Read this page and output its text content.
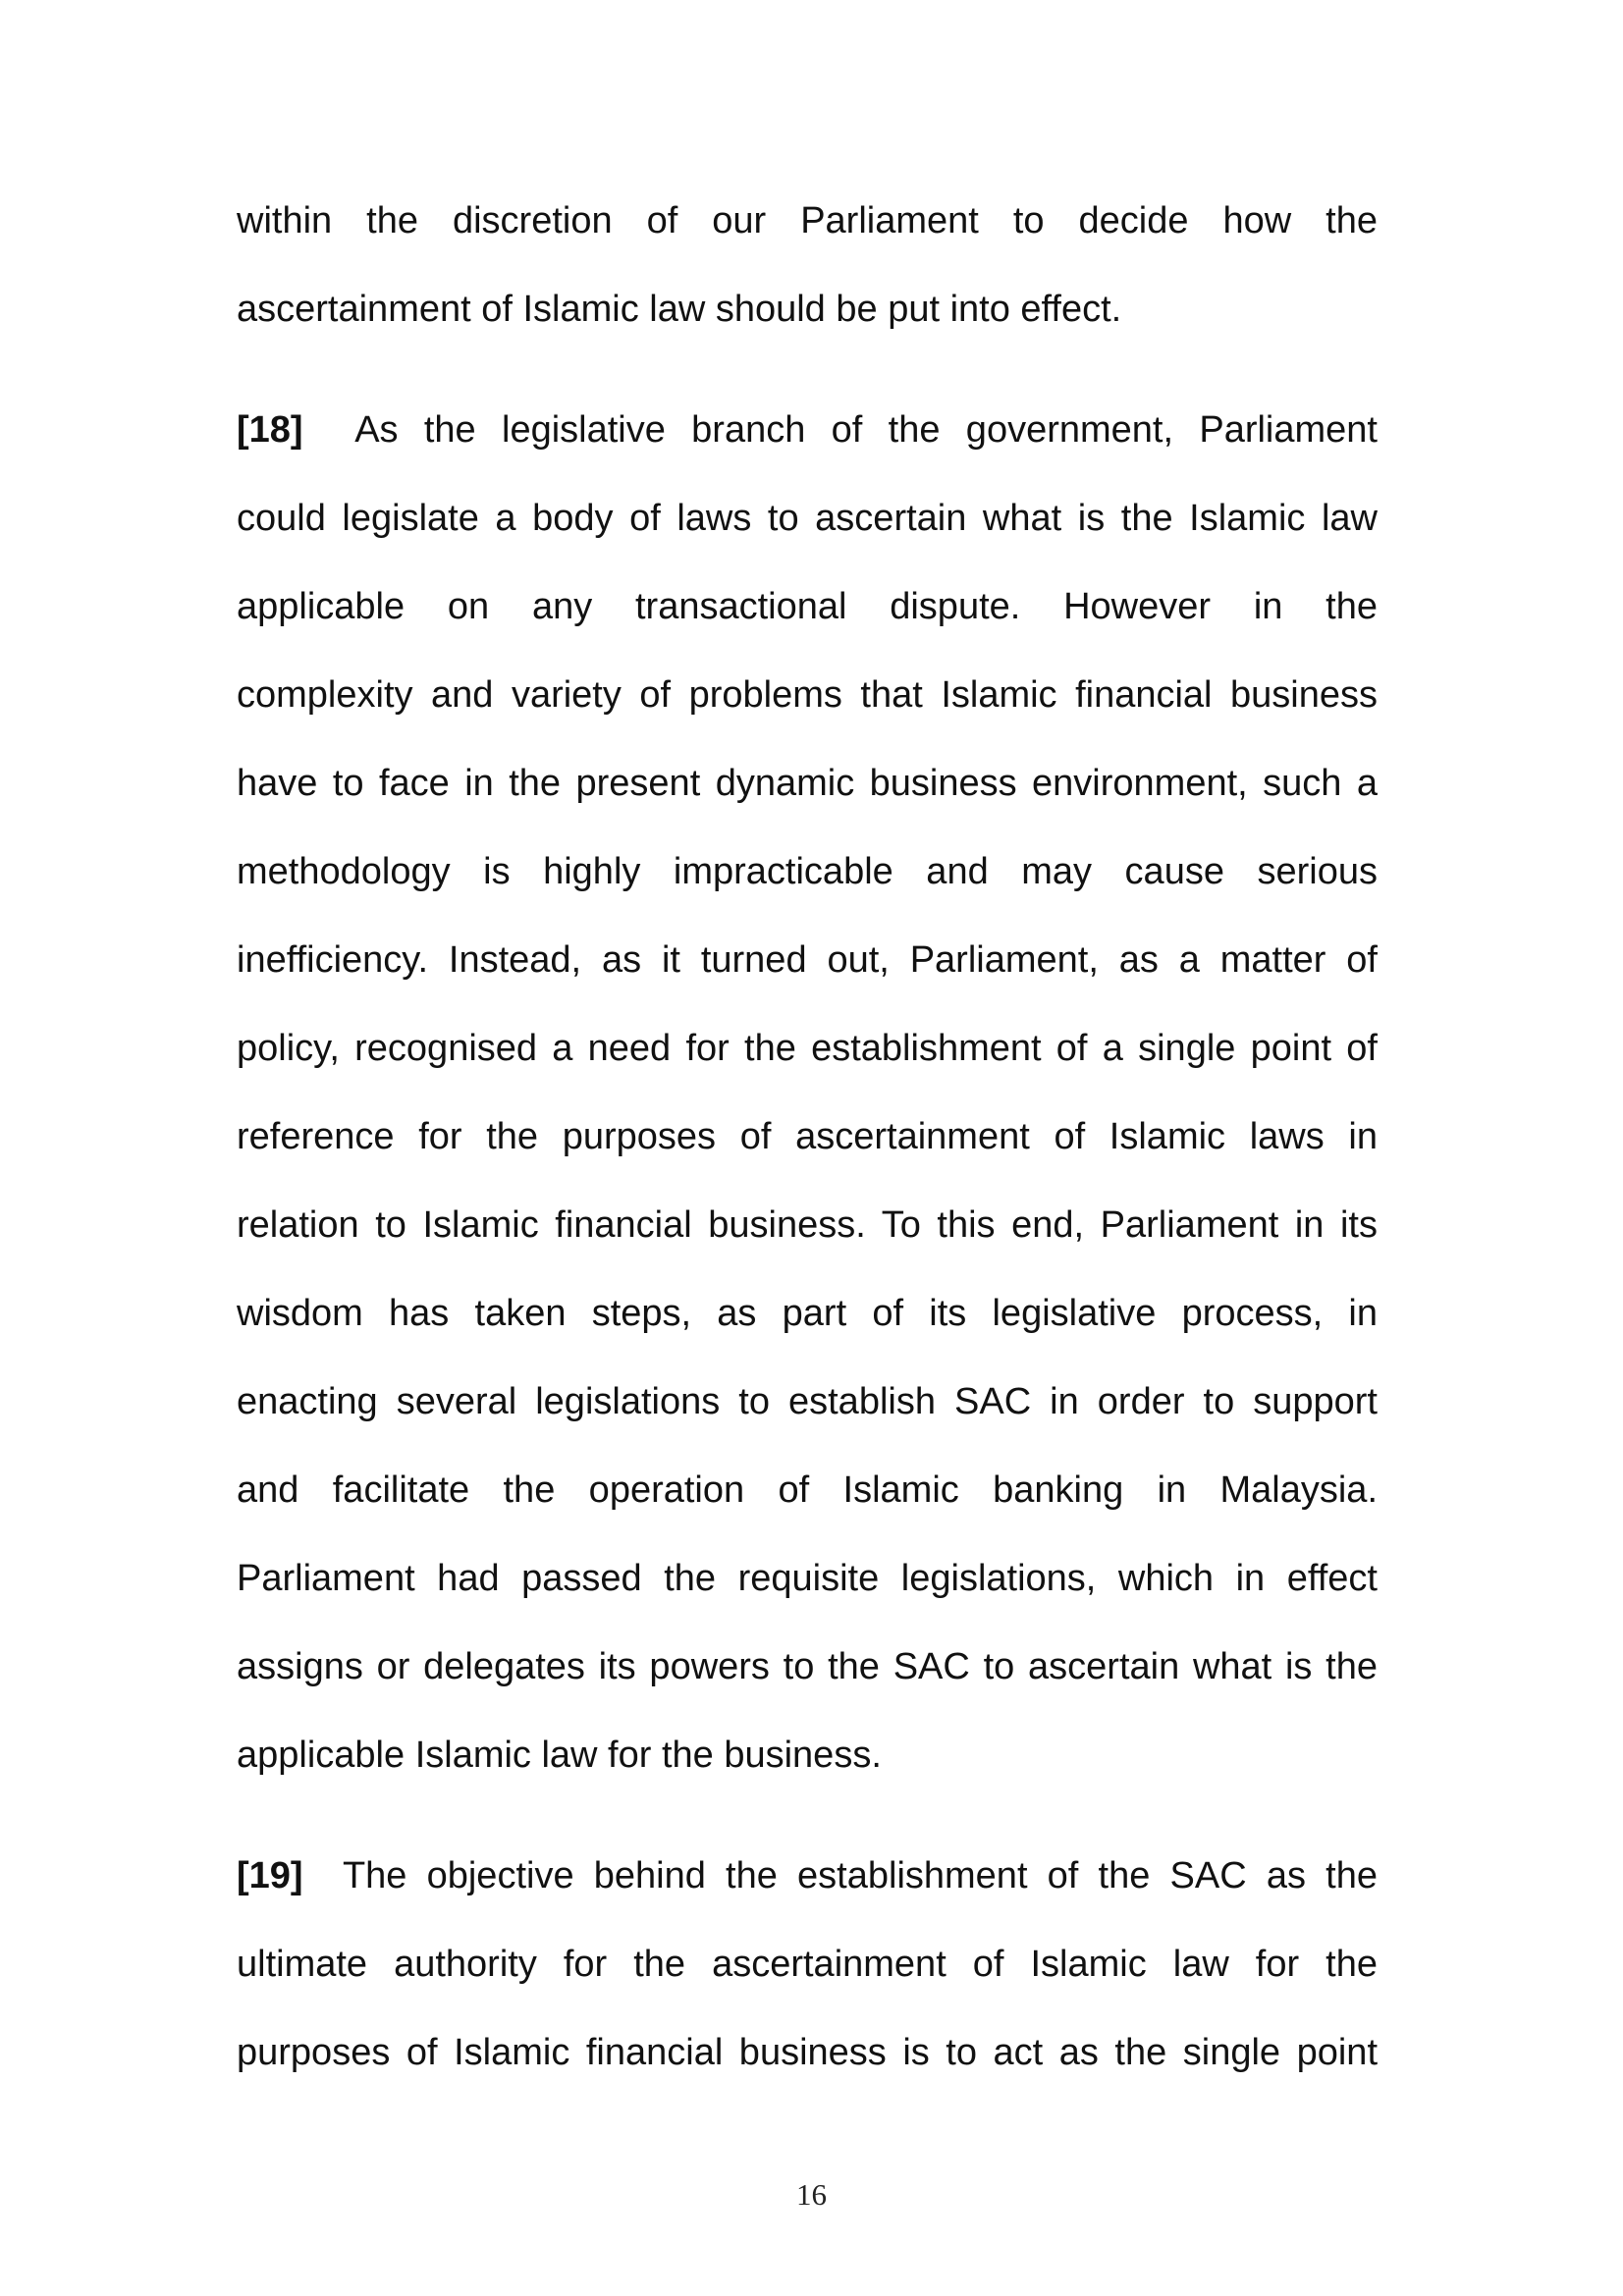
within the discretion of our Parliament to decide how the
ascertainment of Islamic law should be put into effect.
[18] As the legislative branch of the government, Parliament
could legislate a body of laws to ascertain what is the Islamic law
applicable on any transactional dispute. However in the
complexity and variety of problems that Islamic financial business
have to face in the present dynamic business environment, such a
methodology is highly impracticable and may cause serious
inefficiency. Instead, as it turned out, Parliament, as a matter of
policy, recognised a need for the establishment of a single point of
reference for the purposes of ascertainment of Islamic laws in
relation to Islamic financial business. To this end, Parliament in its
wisdom has taken steps, as part of its legislative process, in
enacting several legislations to establish SAC in order to support
and facilitate the operation of Islamic banking in Malaysia.
Parliament had passed the requisite legislations, which in effect
assigns or delegates its powers to the SAC to ascertain what is the
applicable Islamic law for the business.
[19] The objective behind the establishment of the SAC as the
ultimate authority for the ascertainment of Islamic law for the
purposes of Islamic financial business is to act as the single point
16
